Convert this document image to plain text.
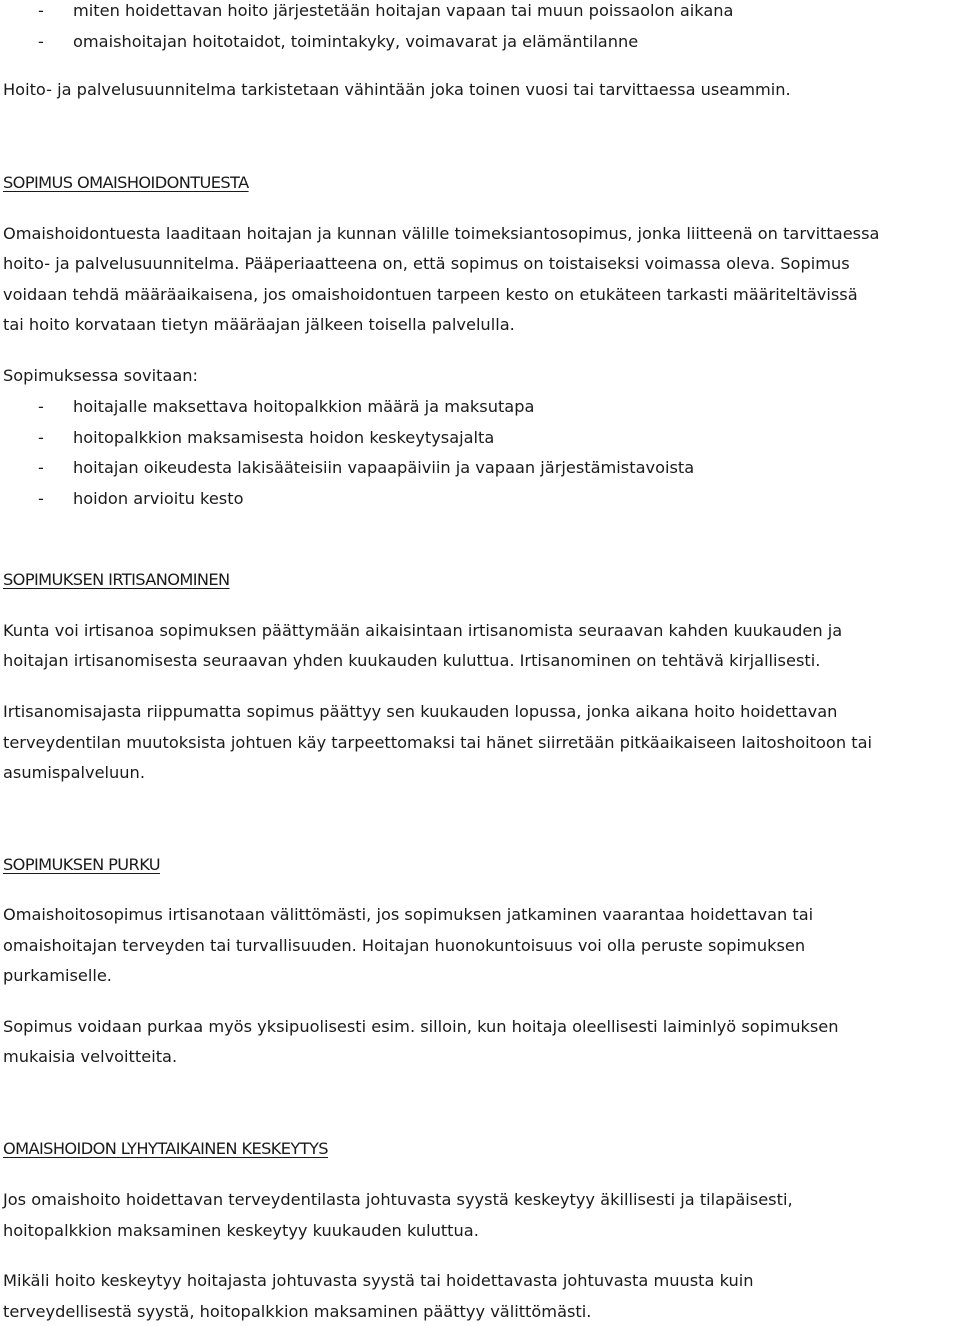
- miten hoidettavan hoito järjestetään hoitajan vapaan tai muun poissaolon aikana
- omaishoitajan hoitotaidot, toimintakyky, voimavarat ja elämäntilanne
Hoito- ja palvelusuunnitelma tarkistetaan vähintään joka toinen vuosi tai tarvittaessa useammin.
SOPIMUS OMAISHOIDONTUESTA
Omaishoidontuesta laaditaan hoitajan ja kunnan välille toimeksiantosopimus, jonka liitteenä on tarvittaessa
hoito- ja palvelusuunnitelma. Pääperiaatteena on, että sopimus on toistaiseksi voimassa oleva. Sopimus
voidaan tehdä määräaikaisena, jos omaishoidontuen tarpeen kesto on etukäteen tarkasti määriteltävissä
tai hoito korvataan tietyn määräajan jälkeen toisella palvelulla.
Sopimuksessa sovitaan:
- hoitajalle maksettava hoitopalkkion määrä ja maksutapa
- hoitopalkkion maksamisesta hoidon keskeytysajalta
- hoitajan oikeudesta lakisääteisiin vapaapäiviin ja vapaan järjestämistavoista
- hoidon arvioitu kesto
SOPIMUKSEN IRTISANOMINEN
Kunta voi irtisanoa sopimuksen päättymään aikaisintaan irtisanomista seuraavan kahden kuukauden ja
hoitajan irtisanomisesta seuraavan yhden kuukauden kuluttua. Irtisanominen on tehtävä kirjallisesti.
Irtisanomisajasta riippumatta sopimus päättyy sen kuukauden lopussa, jonka aikana hoito hoidettavan
terveydentilan muutoksista johtuen käy tarpeettomaksi tai hänet siirretään pitkäaikaiseen laitoshoitoon tai
asumispalveluun.
SOPIMUKSEN PURKU
Omaishoitosopimus irtisanotaan välittömästi, jos sopimuksen jatkaminen vaarantaa hoidettavan tai
omaishoitajan terveyden tai turvallisuuden. Hoitajan huonokuntoisuus voi olla peruste sopimuksen
purkamiselle.
Sopimus voidaan purkaa myös yksipuolisesti esim. silloin, kun hoitaja oleellisesti laiminlyö sopimuksen
mukaisia velvoitteita.
OMAISHOIDON LYHYTAIKAINEN KESKEYTYS
Jos omaishoito hoidettavan terveydentilasta johtuvasta syystä keskeytyy äkillisesti ja tilapäisesti,
hoitopalkkion maksaminen keskeytyy kuukauden kuluttua.
Mikäli hoito keskeytyy hoitajasta johtuvasta syystä tai hoidettavasta johtuvasta muusta kuin
terveydellisestä syystä, hoitopalkkion maksaminen päättyy välittömästi.
